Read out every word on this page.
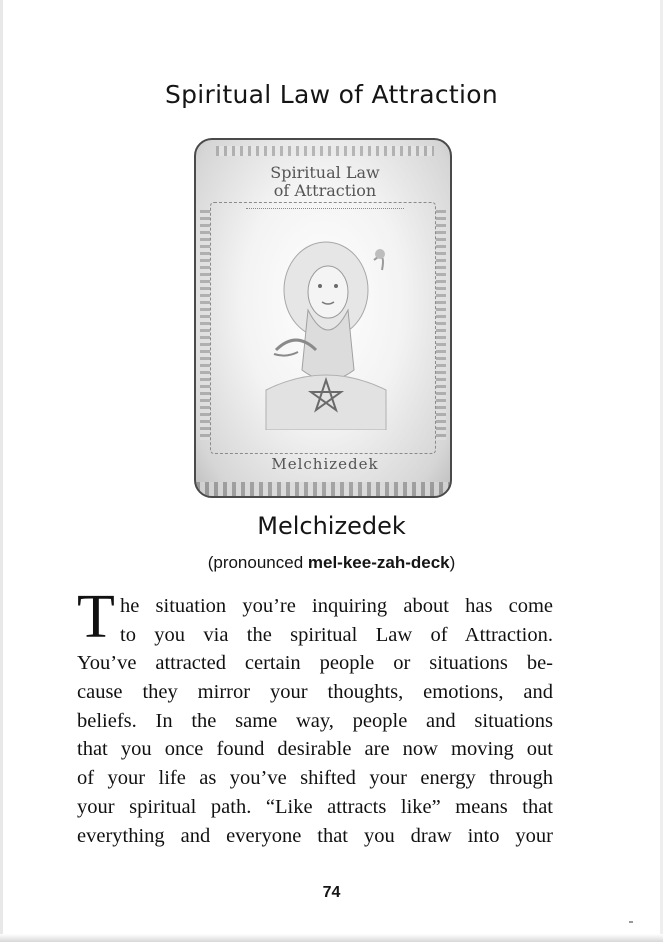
Spiritual Law of Attraction
Spiritual Law
of Attraction
Melchizedek
Melchizedek
(pronounced mel-kee-zah-deck)
T he situation you’re inquiring about has come
to you via the spiritual Law of Attraction.
You’ve attracted certain people or situations be-
cause they mirror your thoughts, emotions, and
beliefs. In the same way, people and situations
that you once found desirable are now moving out
of your life as you’ve shifted your energy through
your spiritual path. “Like attracts like” means that
everything and everyone that you draw into your
74
